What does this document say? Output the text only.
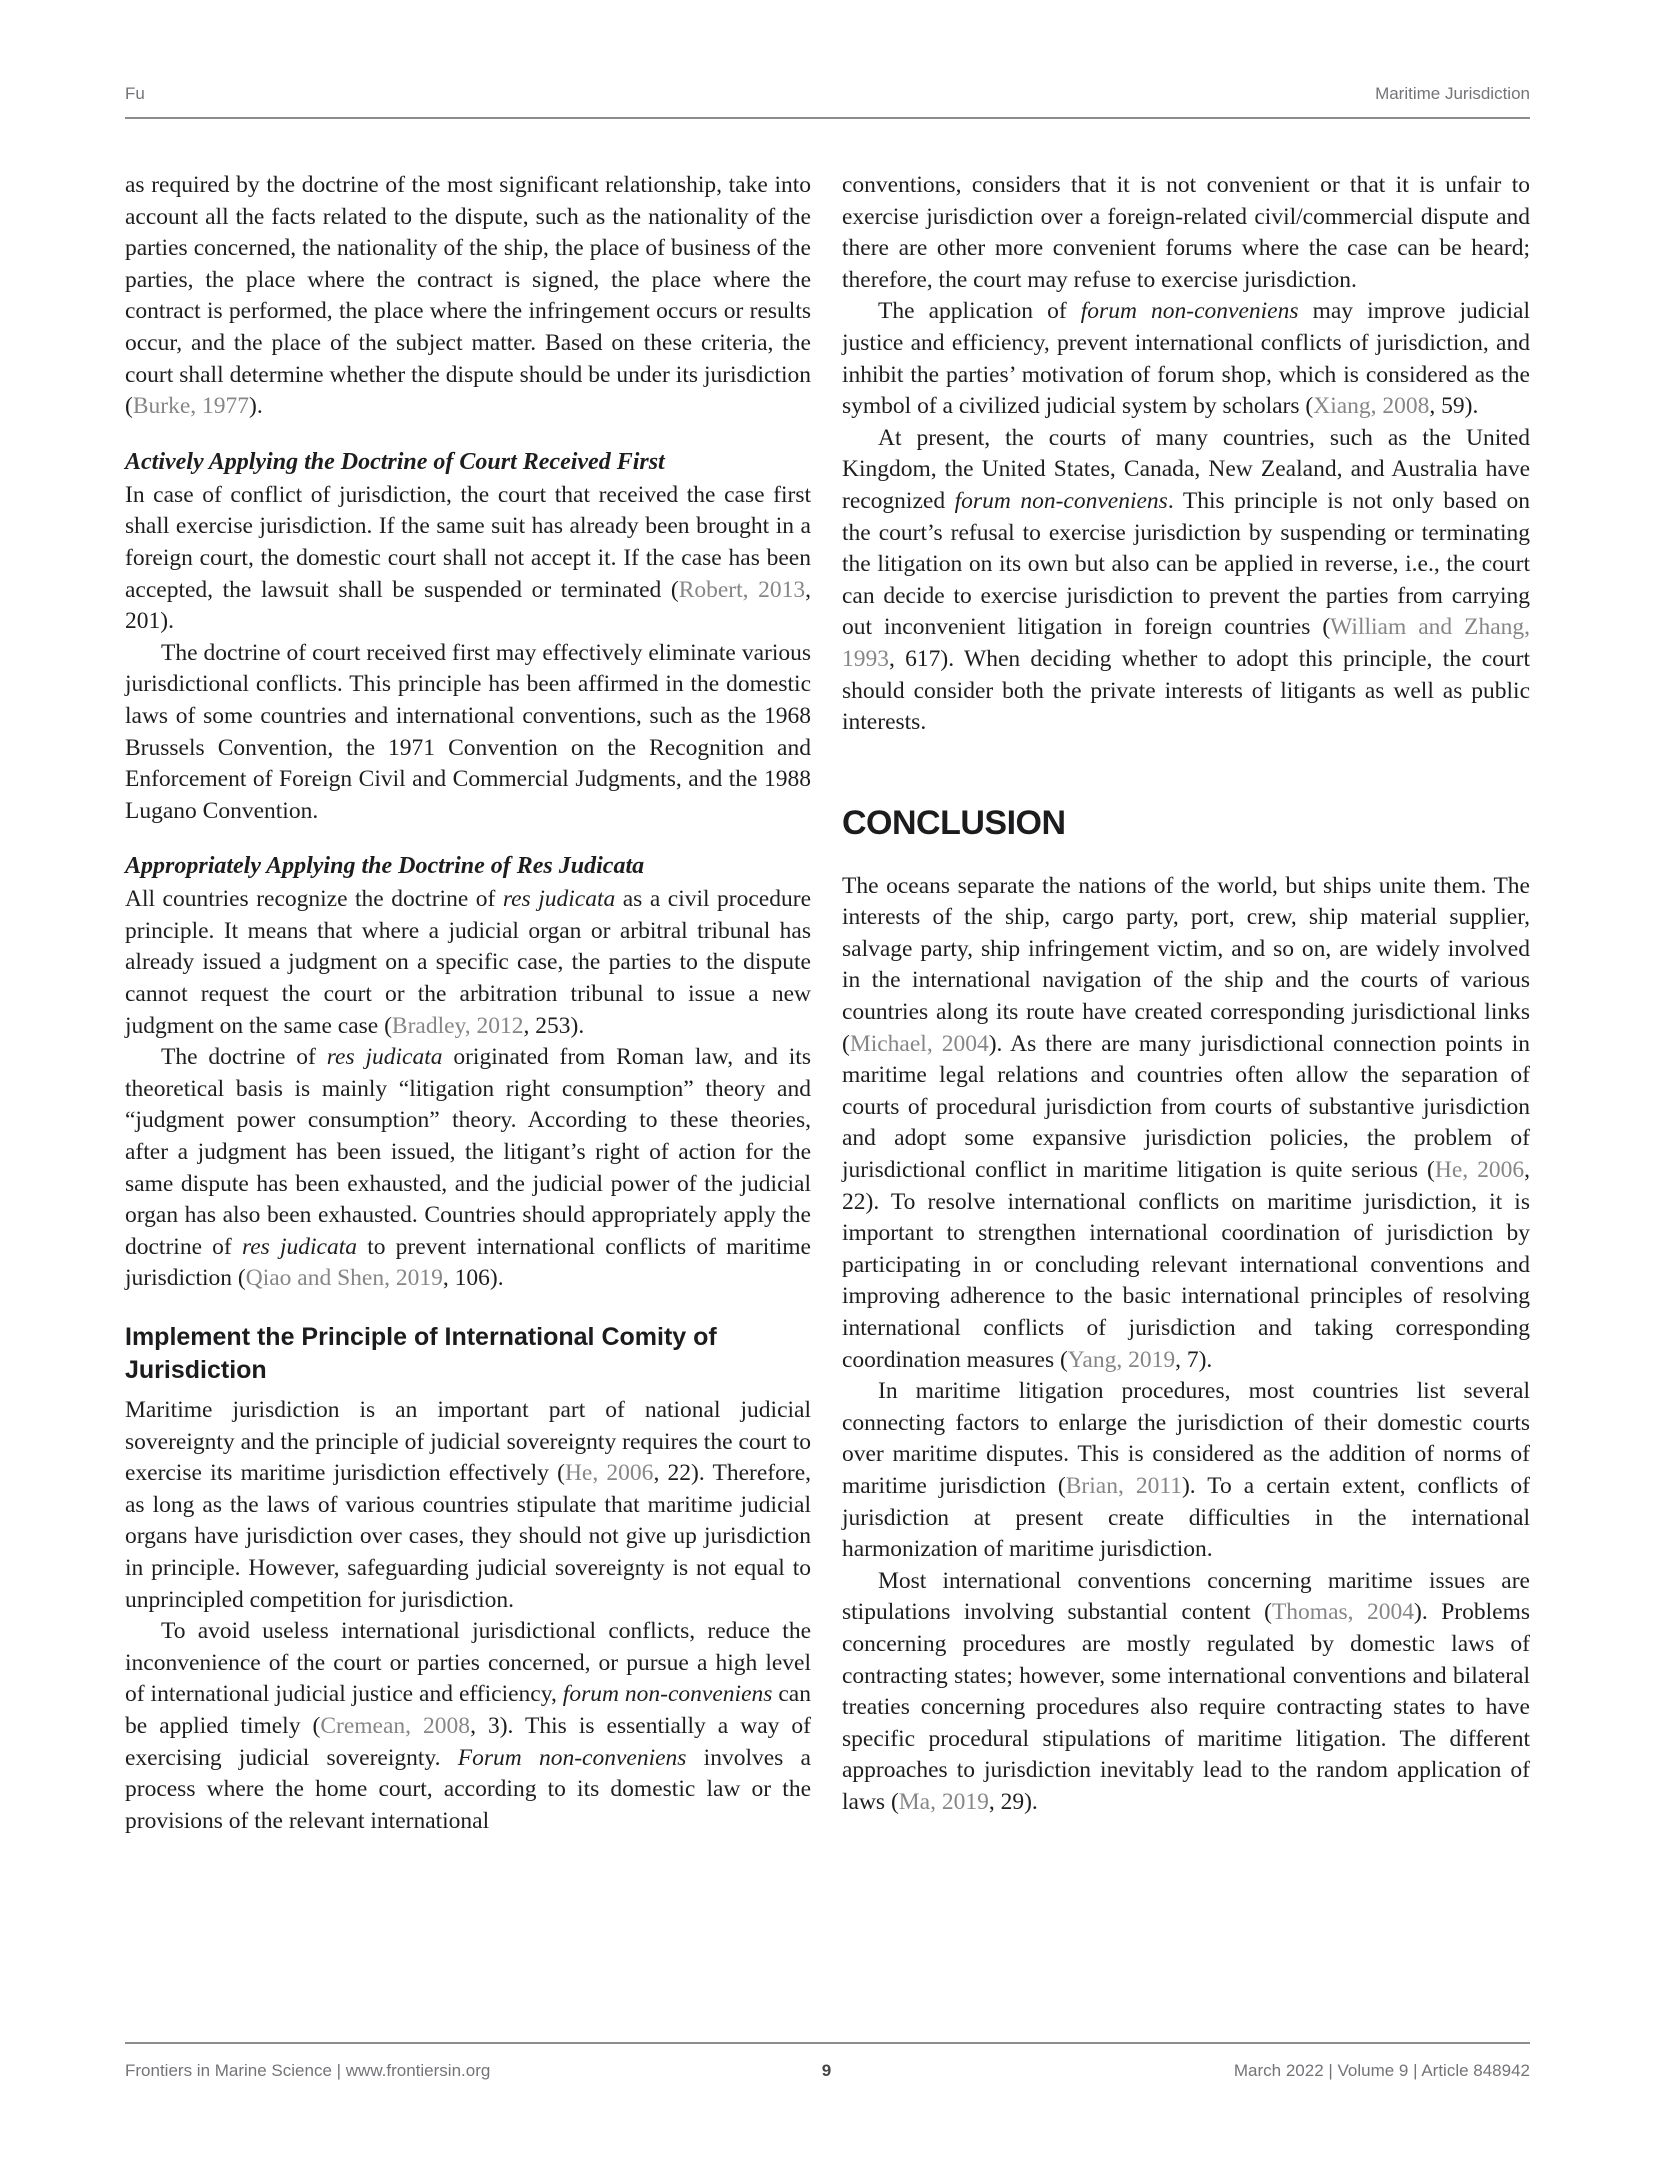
Fu	Maritime Jurisdiction

as required by the doctrine of the most significant relationship, take into account all the facts related to the dispute, such as the nationality of the parties concerned, the nationality of the ship, the place of business of the parties, the place where the contract is signed, the place where the contract is performed, the place where the infringement occurs or results occur, and the place of the subject matter. Based on these criteria, the court shall determine whether the dispute should be under its jurisdiction (Burke, 1977).

Actively Applying the Doctrine of Court Received First

In case of conflict of jurisdiction, the court that received the case first shall exercise jurisdiction. If the same suit has already been brought in a foreign court, the domestic court shall not accept it. If the case has been accepted, the lawsuit shall be suspended or terminated (Robert, 2013, 201).

The doctrine of court received first may effectively eliminate various jurisdictional conflicts. This principle has been affirmed in the domestic laws of some countries and international conventions, such as the 1968 Brussels Convention, the 1971 Convention on the Recognition and Enforcement of Foreign Civil and Commercial Judgments, and the 1988 Lugano Convention.

Appropriately Applying the Doctrine of Res Judicata

All countries recognize the doctrine of res judicata as a civil procedure principle. It means that where a judicial organ or arbitral tribunal has already issued a judgment on a specific case, the parties to the dispute cannot request the court or the arbitration tribunal to issue a new judgment on the same case (Bradley, 2012, 253).

The doctrine of res judicata originated from Roman law, and its theoretical basis is mainly “litigation right consumption” theory and “judgment power consumption” theory. According to these theories, after a judgment has been issued, the litigant’s right of action for the same dispute has been exhausted, and the judicial power of the judicial organ has also been exhausted. Countries should appropriately apply the doctrine of res judicata to prevent international conflicts of maritime jurisdiction (Qiao and Shen, 2019, 106).

Implement the Principle of International Comity of Jurisdiction

Maritime jurisdiction is an important part of national judicial sovereignty and the principle of judicial sovereignty requires the court to exercise its maritime jurisdiction effectively (He, 2006, 22). Therefore, as long as the laws of various countries stipulate that maritime judicial organs have jurisdiction over cases, they should not give up jurisdiction in principle. However, safeguarding judicial sovereignty is not equal to unprincipled competition for jurisdiction.

To avoid useless international jurisdictional conflicts, reduce the inconvenience of the court or parties concerned, or pursue a high level of international judicial justice and efficiency, forum non-conveniens can be applied timely (Cremean, 2008, 3). This is essentially a way of exercising judicial sovereignty. Forum non-conveniens involves a process where the home court, according to its domestic law or the provisions of the relevant international

conventions, considers that it is not convenient or that it is unfair to exercise jurisdiction over a foreign-related civil/commercial dispute and there are other more convenient forums where the case can be heard; therefore, the court may refuse to exercise jurisdiction.

The application of forum non-conveniens may improve judicial justice and efficiency, prevent international conflicts of jurisdiction, and inhibit the parties’ motivation of forum shop, which is considered as the symbol of a civilized judicial system by scholars (Xiang, 2008, 59).

At present, the courts of many countries, such as the United Kingdom, the United States, Canada, New Zealand, and Australia have recognized forum non-conveniens. This principle is not only based on the court’s refusal to exercise jurisdiction by suspending or terminating the litigation on its own but also can be applied in reverse, i.e., the court can decide to exercise jurisdiction to prevent the parties from carrying out inconvenient litigation in foreign countries (William and Zhang, 1993, 617). When deciding whether to adopt this principle, the court should consider both the private interests of litigants as well as public interests.

CONCLUSION

The oceans separate the nations of the world, but ships unite them. The interests of the ship, cargo party, port, crew, ship material supplier, salvage party, ship infringement victim, and so on, are widely involved in the international navigation of the ship and the courts of various countries along its route have created corresponding jurisdictional links (Michael, 2004). As there are many jurisdictional connection points in maritime legal relations and countries often allow the separation of courts of procedural jurisdiction from courts of substantive jurisdiction and adopt some expansive jurisdiction policies, the problem of jurisdictional conflict in maritime litigation is quite serious (He, 2006, 22). To resolve international conflicts on maritime jurisdiction, it is important to strengthen international coordination of jurisdiction by participating in or concluding relevant international conventions and improving adherence to the basic international principles of resolving international conflicts of jurisdiction and taking corresponding coordination measures (Yang, 2019, 7).

In maritime litigation procedures, most countries list several connecting factors to enlarge the jurisdiction of their domestic courts over maritime disputes. This is considered as the addition of norms of maritime jurisdiction (Brian, 2011). To a certain extent, conflicts of jurisdiction at present create difficulties in the international harmonization of maritime jurisdiction.

Most international conventions concerning maritime issues are stipulations involving substantial content (Thomas, 2004). Problems concerning procedures are mostly regulated by domestic laws of contracting states; however, some international conventions and bilateral treaties concerning procedures also require contracting states to have specific procedural stipulations of maritime litigation. The different approaches to jurisdiction inevitably lead to the random application of laws (Ma, 2019, 29).

Frontiers in Marine Science | www.frontiersin.org	9	March 2022 | Volume 9 | Article 848942
